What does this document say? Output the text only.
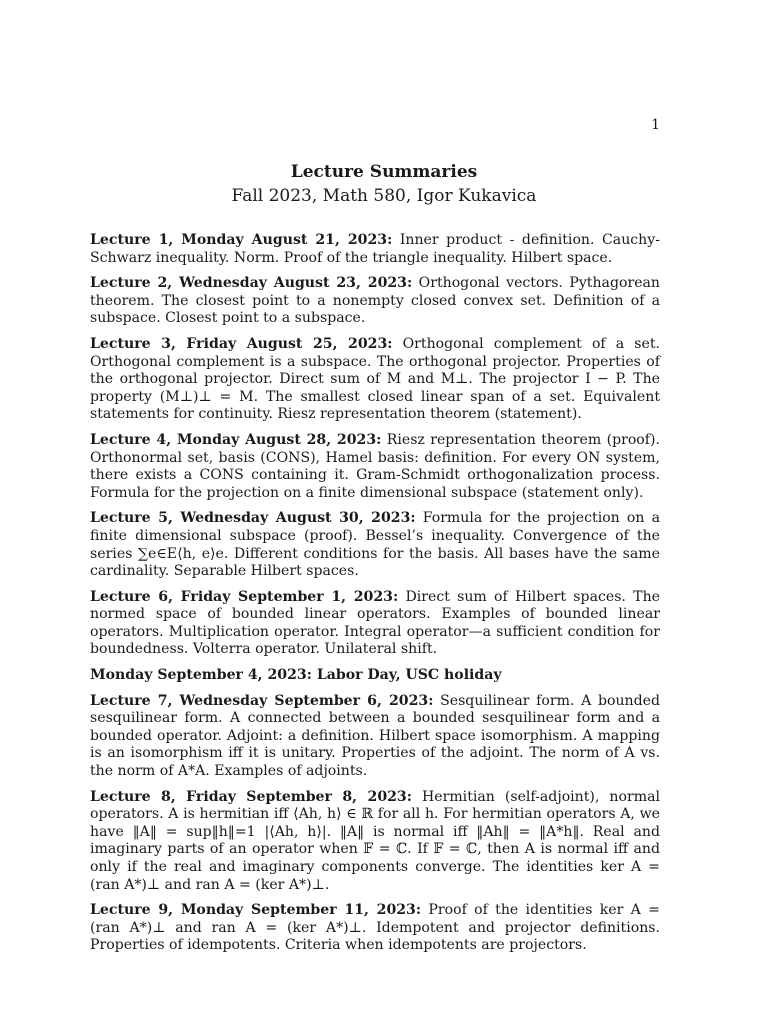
1
Lecture Summaries
Fall 2023, Math 580, Igor Kukavica

Lecture 1, Monday August 21, 2023: Inner product - definition. Cauchy-Schwarz inequality. Norm. Proof of the triangle inequality. Hilbert space.

Lecture 2, Wednesday August 23, 2023: Orthogonal vectors. Pythagorean theorem. The closest point to a nonempty closed convex set. Definition of a subspace. Closest point to a subspace.

Lecture 3, Friday August 25, 2023: Orthogonal complement of a set. Orthogonal complement is a subspace. The orthogonal projector. Properties of the orthogonal projector. Direct sum of M and M⊥. The projector I − P. The property (M⊥)⊥ = M. The smallest closed linear span of a set. Equivalent statements for continuity. Riesz representation theorem (statement).

Lecture 4, Monday August 28, 2023: Riesz representation theorem (proof). Orthonormal set, basis (CONS), Hamel basis: definition. For every ON system, there exists a CONS containing it. Gram-Schmidt orthogonalization process. Formula for the projection on a finite dimensional subspace (statement only).

Lecture 5, Wednesday August 30, 2023: Formula for the projection on a finite dimensional subspace (proof). Bessel’s inequality. Convergence of the series ∑e∈E⟨h, e⟩e. Different conditions for the basis. All bases have the same cardinality. Separable Hilbert spaces.

Lecture 6, Friday September 1, 2023: Direct sum of Hilbert spaces. The normed space of bounded linear operators. Examples of bounded linear operators. Multiplication operator. Integral operator—a sufficient condition for boundedness. Volterra operator. Unilateral shift.

Monday September 4, 2023: Labor Day, USC holiday

Lecture 7, Wednesday September 6, 2023: Sesquilinear form. A bounded sesquilinear form. A connected between a bounded sesquilinear form and a bounded operator. Adjoint: a definition. Hilbert space isomorphism. A mapping is an isomorphism iff it is unitary. Properties of the adjoint. The norm of A vs. the norm of A*A. Examples of adjoints.

Lecture 8, Friday September 8, 2023: Hermitian (self-adjoint), normal operators. A is hermitian iff ⟨Ah, h⟩ ∈ ℝ for all h. For hermitian operators A, we have ‖A‖ = sup‖h‖=1 |⟨Ah, h⟩|. ‖A‖ is normal iff ‖Ah‖ = ‖A*h‖. Real and imaginary parts of an operator when 𝔽 = ℂ. If 𝔽 = ℂ, then A is normal iff and only if the real and imaginary components converge. The identities ker A = (ran A*)⊥ and ran A = (ker A*)⊥.

Lecture 9, Monday September 11, 2023: Proof of the identities ker A = (ran A*)⊥ and ran A = (ker A*)⊥. Idempotent and projector definitions. Properties of idempotents. Criteria when idempotents are projectors.
